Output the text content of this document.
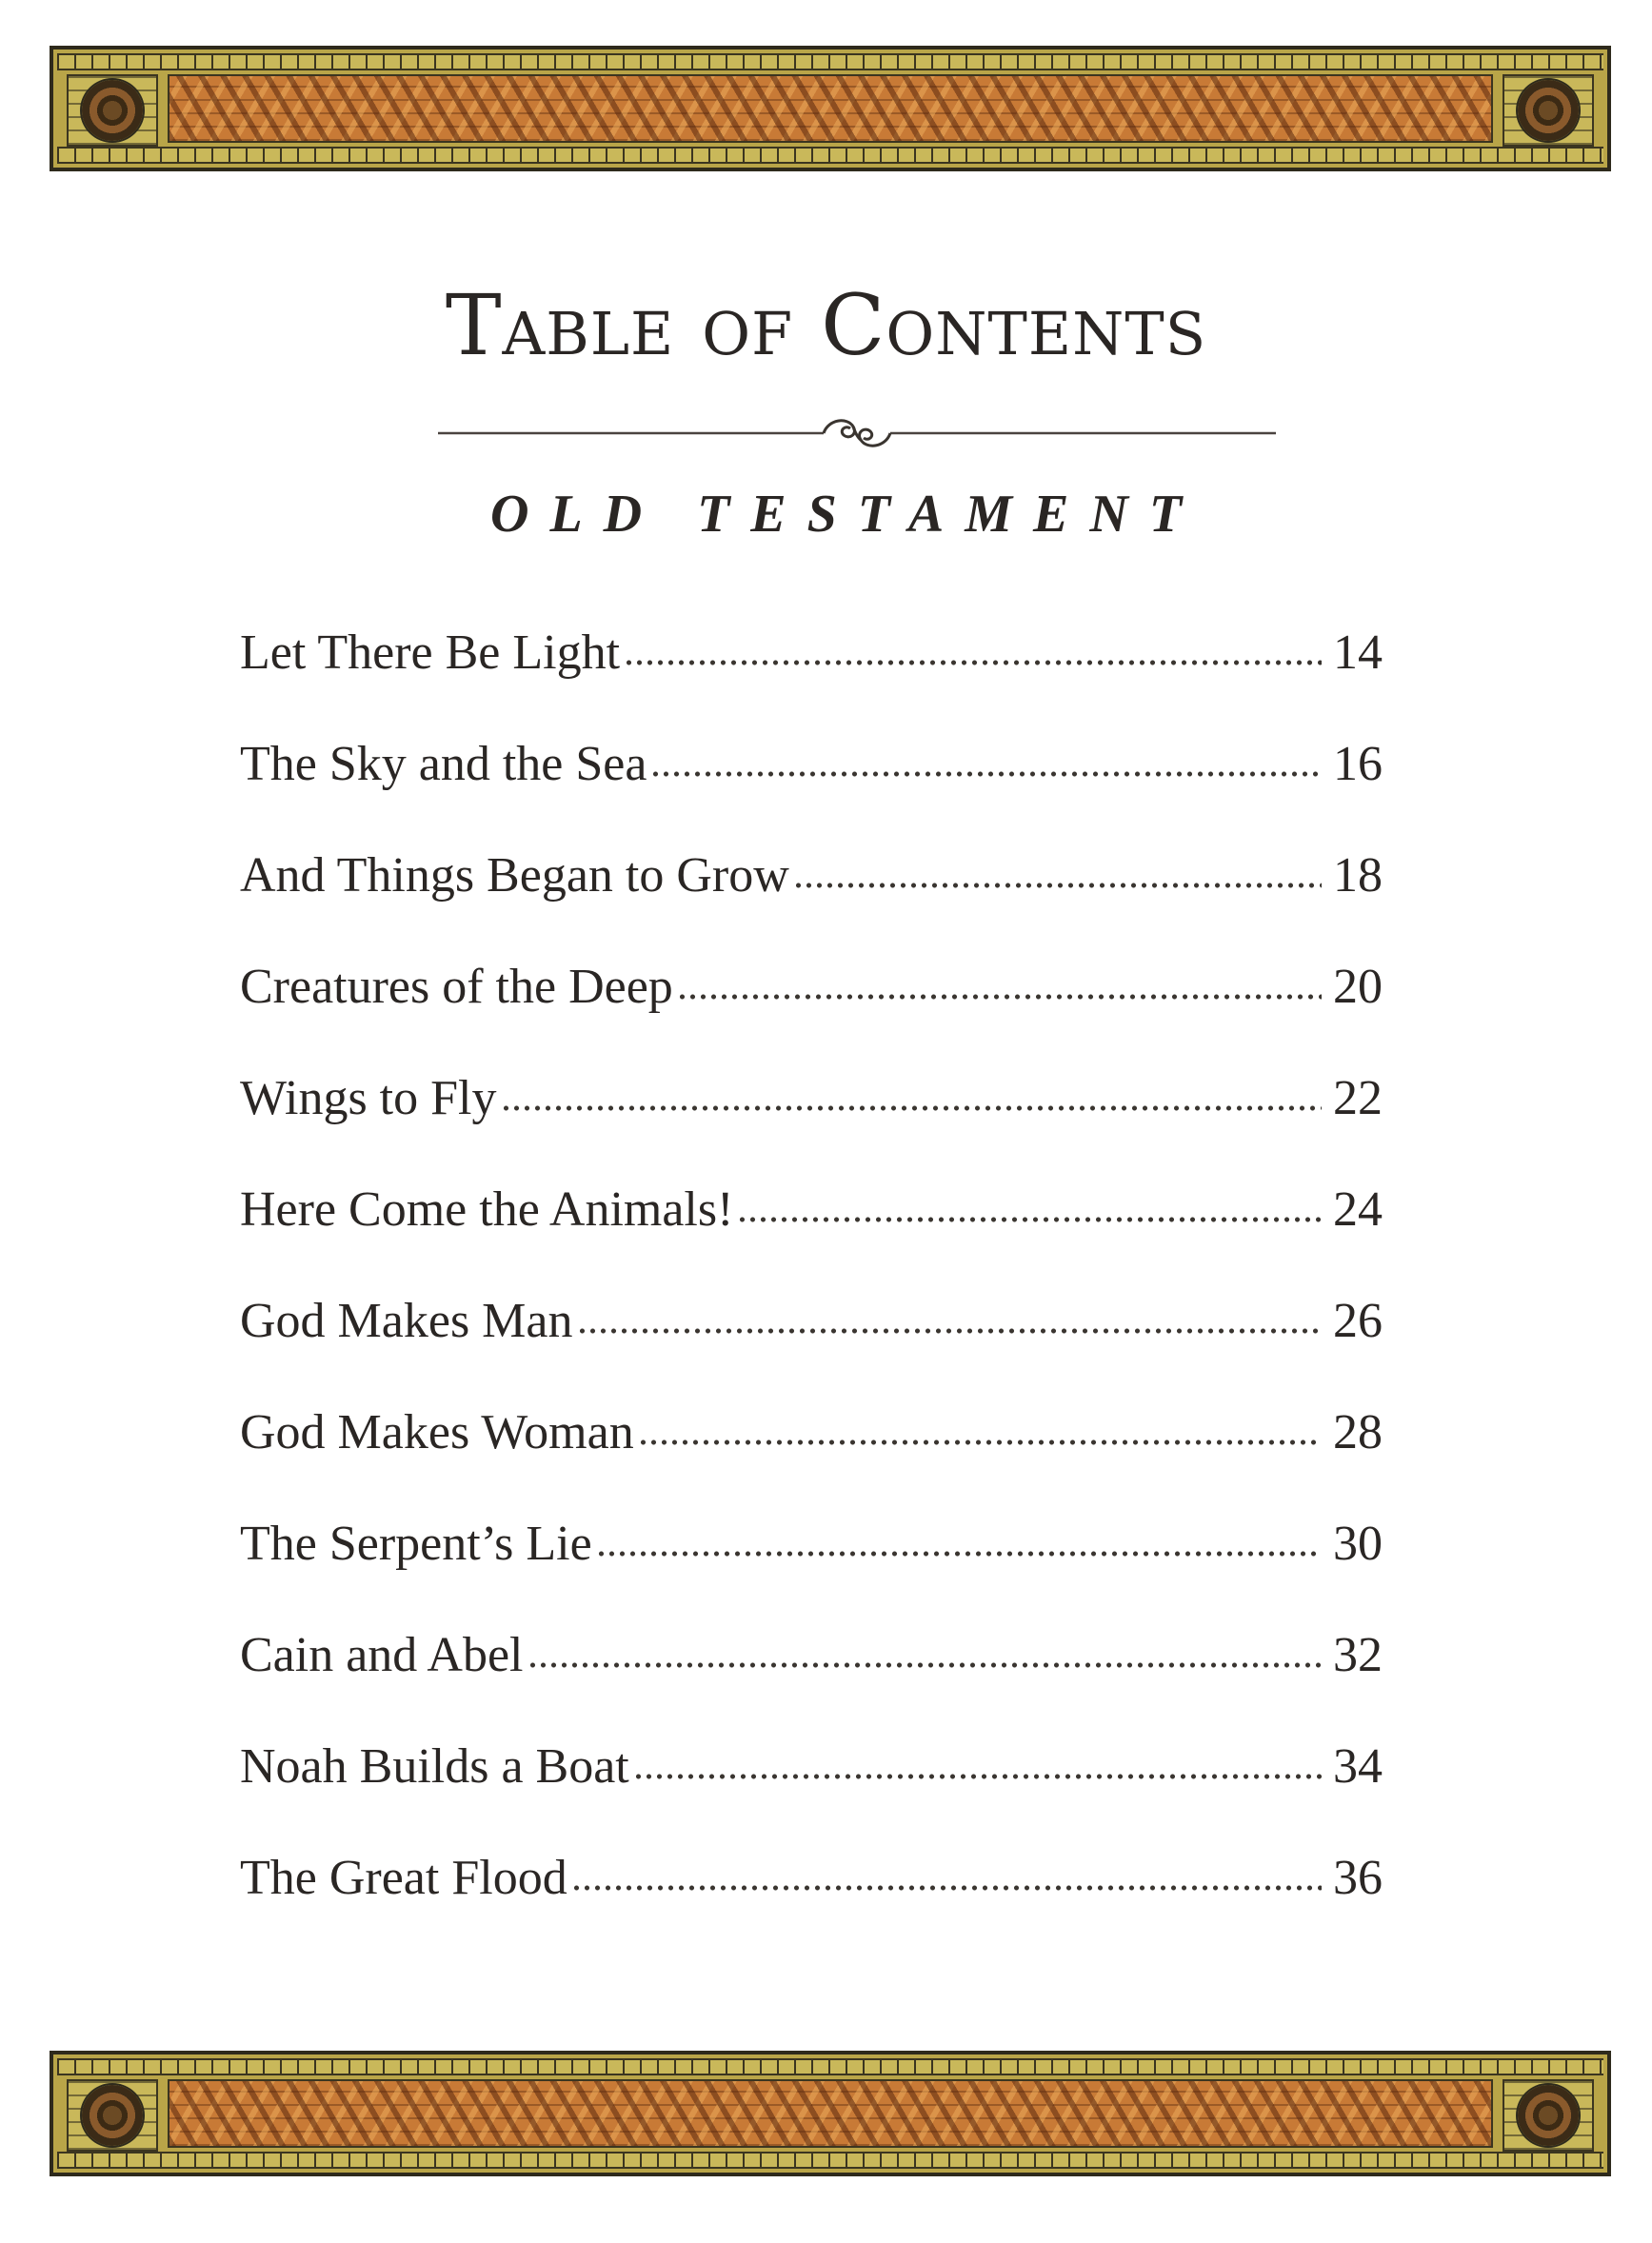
Table of Contents
OLD TESTAMENT
Let There Be Light	14
The Sky and the Sea	16
And Things Began to Grow	18
Creatures of the Deep	20
Wings to Fly	22
Here Come the Animals!	24
God Makes Man	26
God Makes Woman	28
The Serpent’s Lie	30
Cain and Abel	32
Noah Builds a Boat	34
The Great Flood	36
